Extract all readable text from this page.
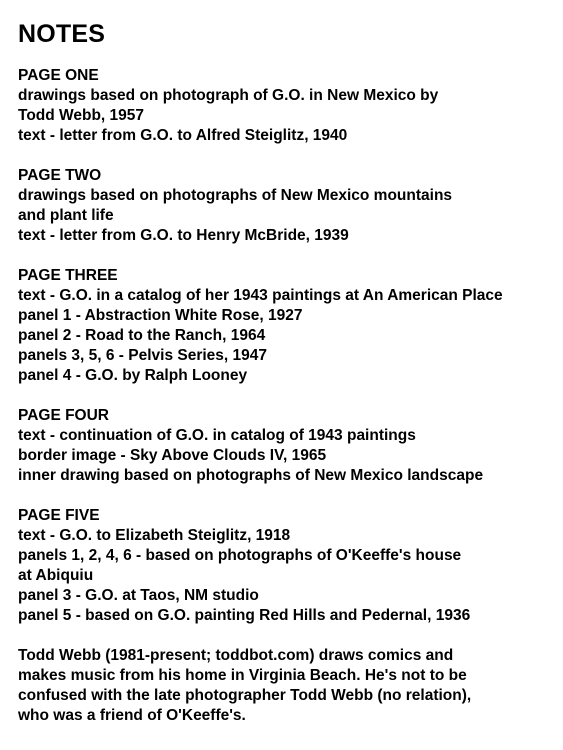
NOTES
PAGE ONE
drawings based on photograph of G.O. in New Mexico by
Todd Webb, 1957
text - letter from G.O. to Alfred Steiglitz, 1940
PAGE TWO
drawings based on photographs of New Mexico mountains
and plant life
text - letter from G.O. to Henry McBride, 1939
PAGE THREE
text - G.O. in a catalog of her 1943 paintings at An American Place
panel 1 - Abstraction White Rose, 1927
panel 2 - Road to the Ranch, 1964
panels 3, 5, 6 - Pelvis Series, 1947
panel 4 - G.O. by Ralph Looney
PAGE FOUR
text - continuation of G.O. in catalog of 1943 paintings
border image - Sky Above Clouds IV, 1965
inner drawing based on photographs of New Mexico landscape
PAGE FIVE
text - G.O. to Elizabeth Steiglitz, 1918
panels 1, 2, 4, 6 - based on photographs of O'Keeffe's house
at Abiquiu
panel 3 - G.O. at Taos, NM studio
panel 5 - based on G.O. painting Red Hills and Pedernal, 1936
Todd Webb (1981-present; toddbot.com) draws comics and
makes music from his home in Virginia Beach. He's not to be
confused with the late photographer Todd Webb (no relation),
who was a friend of O'Keeffe's.
